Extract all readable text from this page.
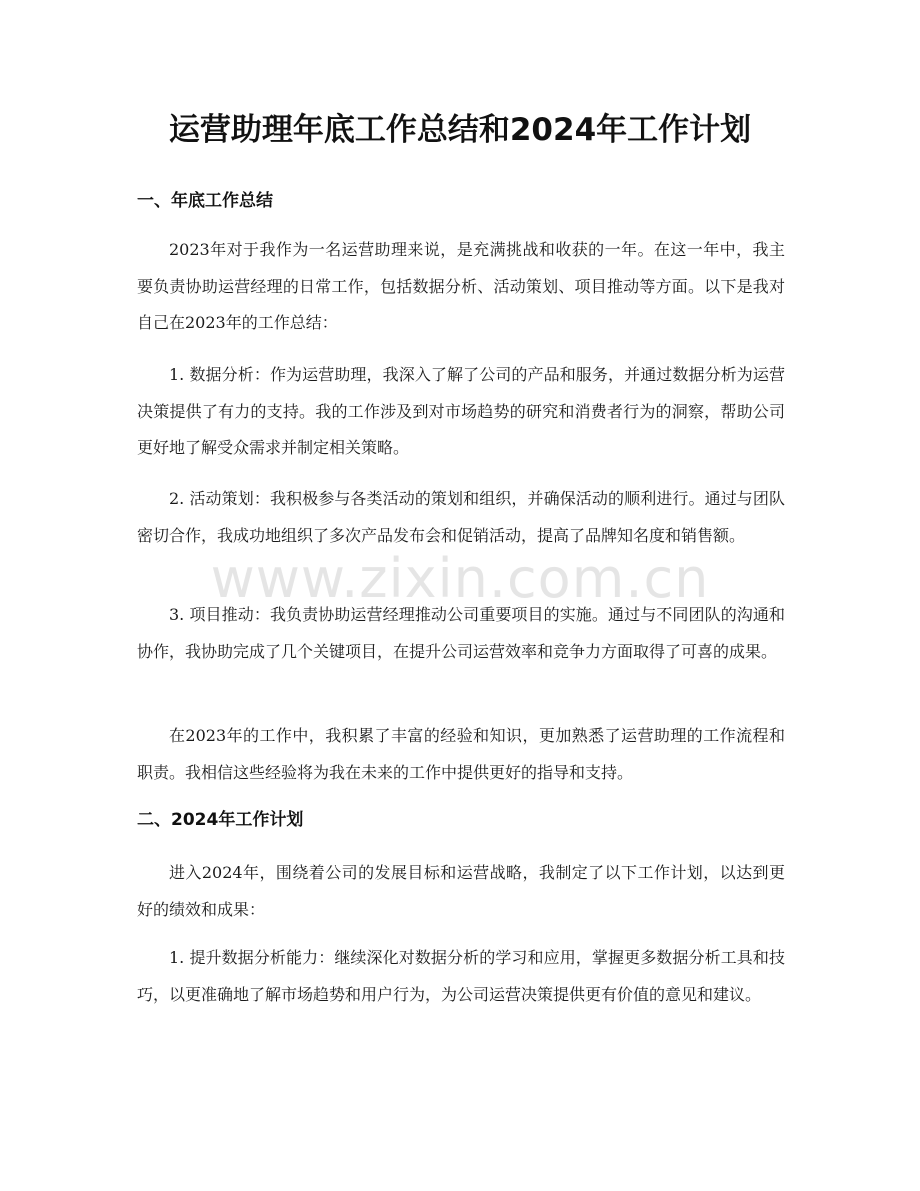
运营助理年底工作总结和2024年工作计划
一、年底工作总结

2023年对于我作为一名运营助理来说，是充满挑战和收获的一年。在这一年中，我主要负责协助运营经理的日常工作，包括数据分析、活动策划、项目推动等方面。以下是我对自己在2023年的工作总结：

1. 数据分析：作为运营助理，我深入了解了公司的产品和服务，并通过数据分析为运营决策提供了有力的支持。我的工作涉及到对市场趋势的研究和消费者行为的洞察，帮助公司更好地了解受众需求并制定相关策略。

2. 活动策划：我积极参与各类活动的策划和组织，并确保活动的顺利进行。通过与团队密切合作，我成功地组织了多次产品发布会和促销活动，提高了品牌知名度和销售额。

3. 项目推动：我负责协助运营经理推动公司重要项目的实施。通过与不同团队的沟通和协作，我协助完成了几个关键项目，在提升公司运营效率和竞争力方面取得了可喜的成果。

在2023年的工作中，我积累了丰富的经验和知识，更加熟悉了运营助理的工作流程和职责。我相信这些经验将为我在未来的工作中提供更好的指导和支持。

二、2024年工作计划

进入2024年，围绕着公司的发展目标和运营战略，我制定了以下工作计划，以达到更好的绩效和成果：

1. 提升数据分析能力：继续深化对数据分析的学习和应用，掌握更多数据分析工具和技巧，以更准确地了解市场趋势和用户行为，为公司运营决策提供更有价值的意见和建议。

www.zixin.com.cn
